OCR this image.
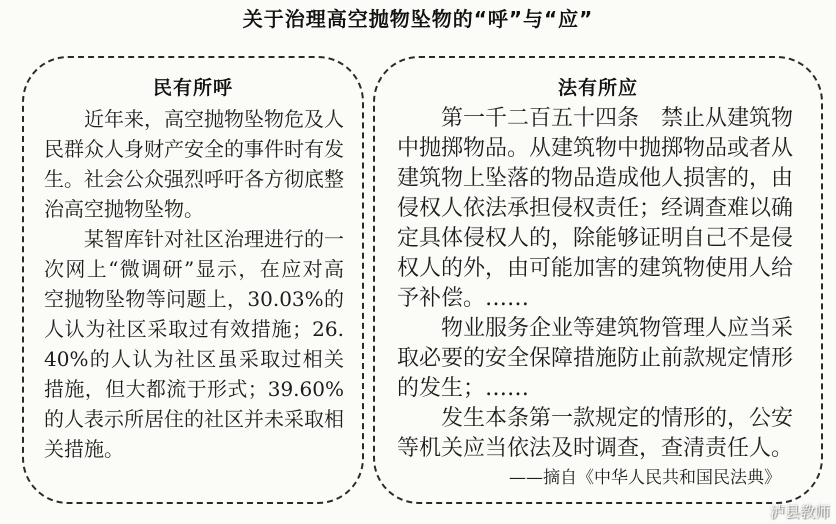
关于治理高空抛物坠物的“呼”与“应”
民有所呼

近年来，高空抛物坠物危及人民群众人身财产安全的事件时有发生。社会公众强烈呼吁各方彻底整治高空抛物坠物。

某智库针对社区治理进行的一次网上“微调研”显示，在应对高空抛物坠物等问题上，30.03%的人认为社区采取过有效措施；26.40%的人认为社区虽采取过相关措施，但大都流于形式；39.60%的人表示所居住的社区并未采取相关措施。

法有所应

第一千二百五十四条　禁止从建筑物中抛掷物品。从建筑物中抛掷物品或者从建筑物上坠落的物品造成他人损害的，由侵权人依法承担侵权责任；经调查难以确定具体侵权人的，除能够证明自己不是侵权人的外，由可能加害的建筑物使用人给予补偿。……

物业服务企业等建筑物管理人应当采取必要的安全保障措施防止前款规定情形的发生；……

发生本条第一款规定的情形的，公安等机关应当依法及时调查，查清责任人。

——摘自《中华人民共和国民法典》
泸县教师
